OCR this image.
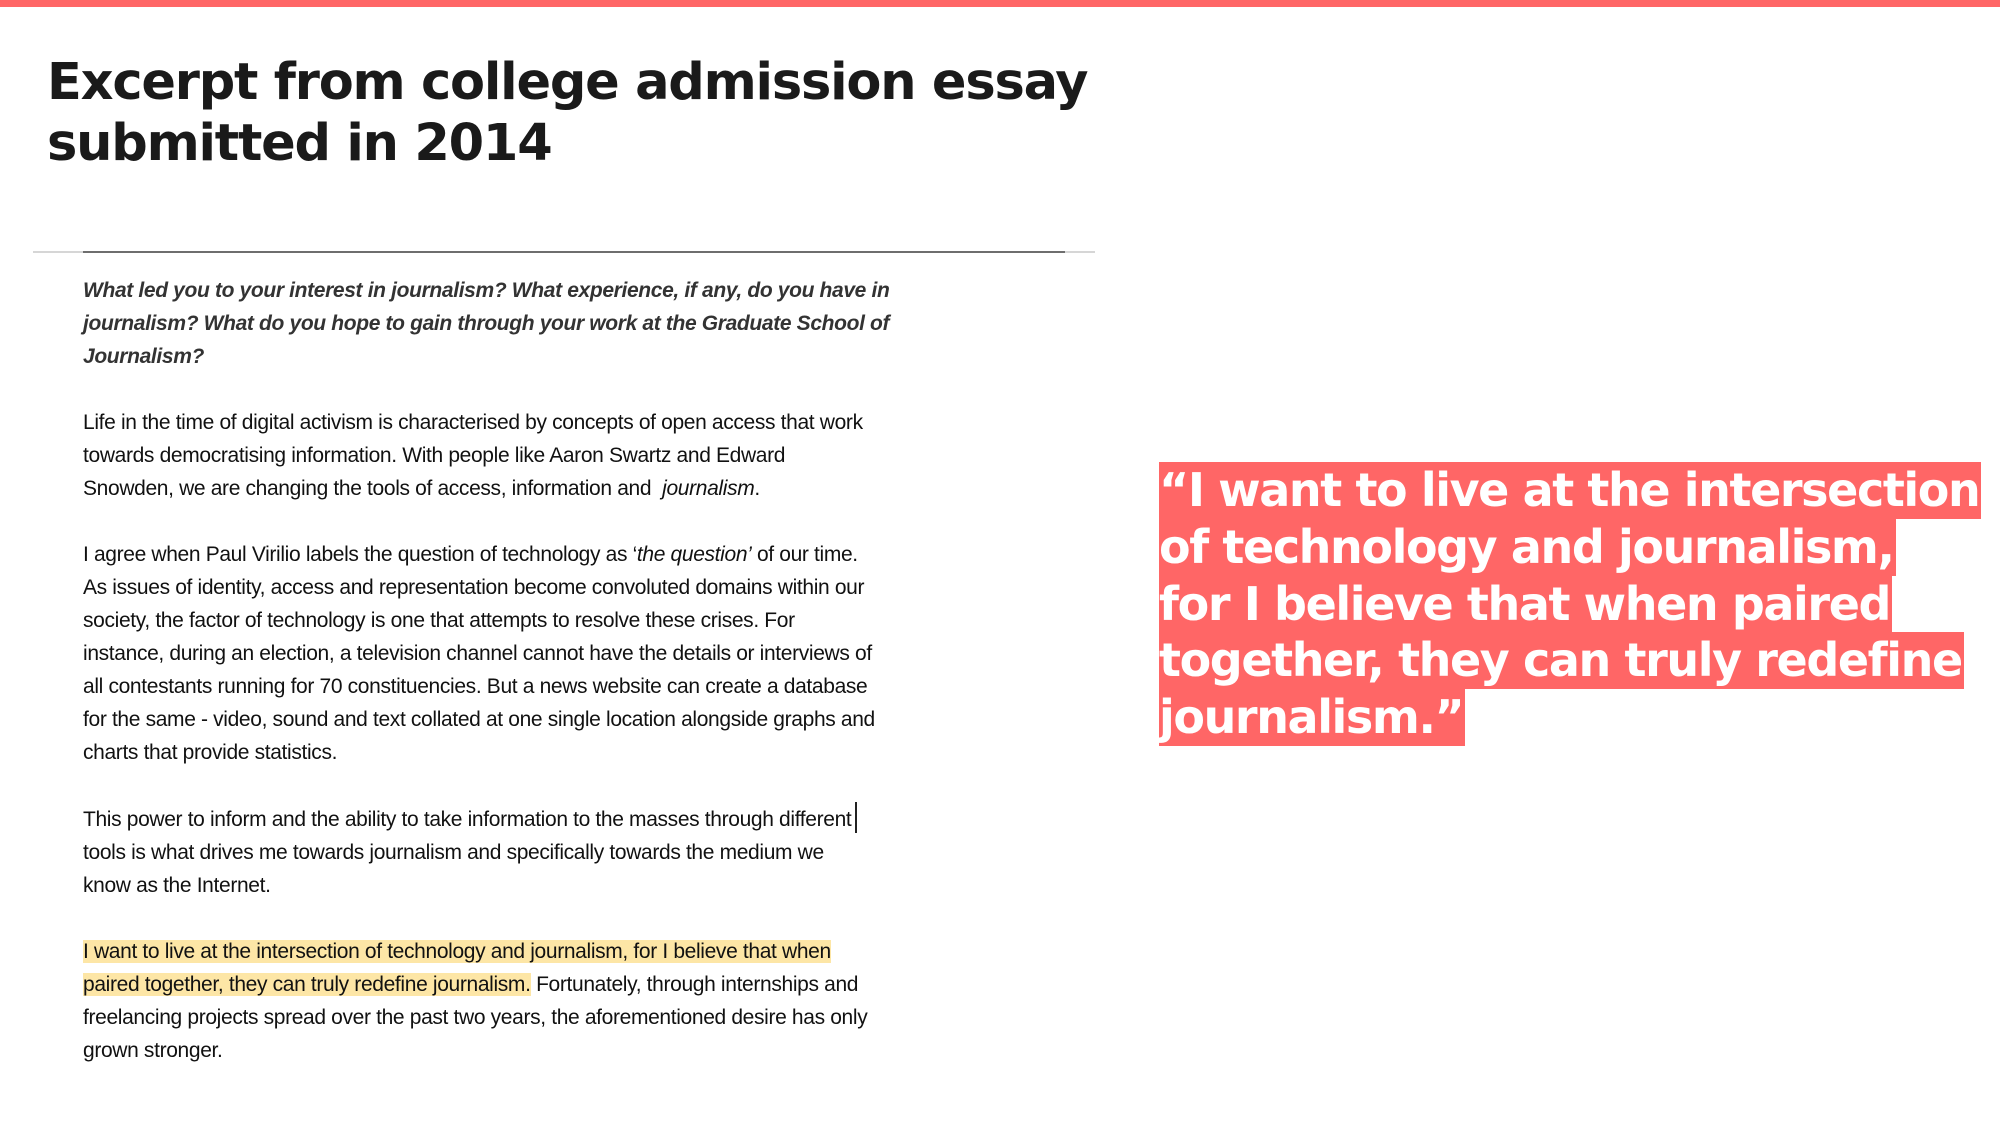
Excerpt from college admission essay
submitted in 2014

What led you to your interest in journalism? What experience, if any, do you have in
journalism? What do you hope to gain through your work at the Graduate School of
Journalism?

Life in the time of digital activism is characterised by concepts of open access that work
towards democratising information. With people like Aaron Swartz and Edward
Snowden, we are changing the tools of access, information and  journalism.

I agree when Paul Virilio labels the question of technology as ‘the question’ of our time.
As issues of identity, access and representation become convoluted domains within our
society, the factor of technology is one that attempts to resolve these crises. For
instance, during an election, a television channel cannot have the details or interviews of
all contestants running for 70 constituencies. But a news website can create a database
for the same - video, sound and text collated at one single location alongside graphs and
charts that provide statistics.

This power to inform and the ability to take information to the masses through different
tools is what drives me towards journalism and specifically towards the medium we
know as the Internet.

I want to live at the intersection of technology and journalism, for I believe that when
paired together, they can truly redefine journalism. Fortunately, through internships and
freelancing projects spread over the past two years, the aforementioned desire has only
grown stronger.

“I want to live at the intersection
of technology and journalism,
for I believe that when paired
together, they can truly redefine
journalism.”
